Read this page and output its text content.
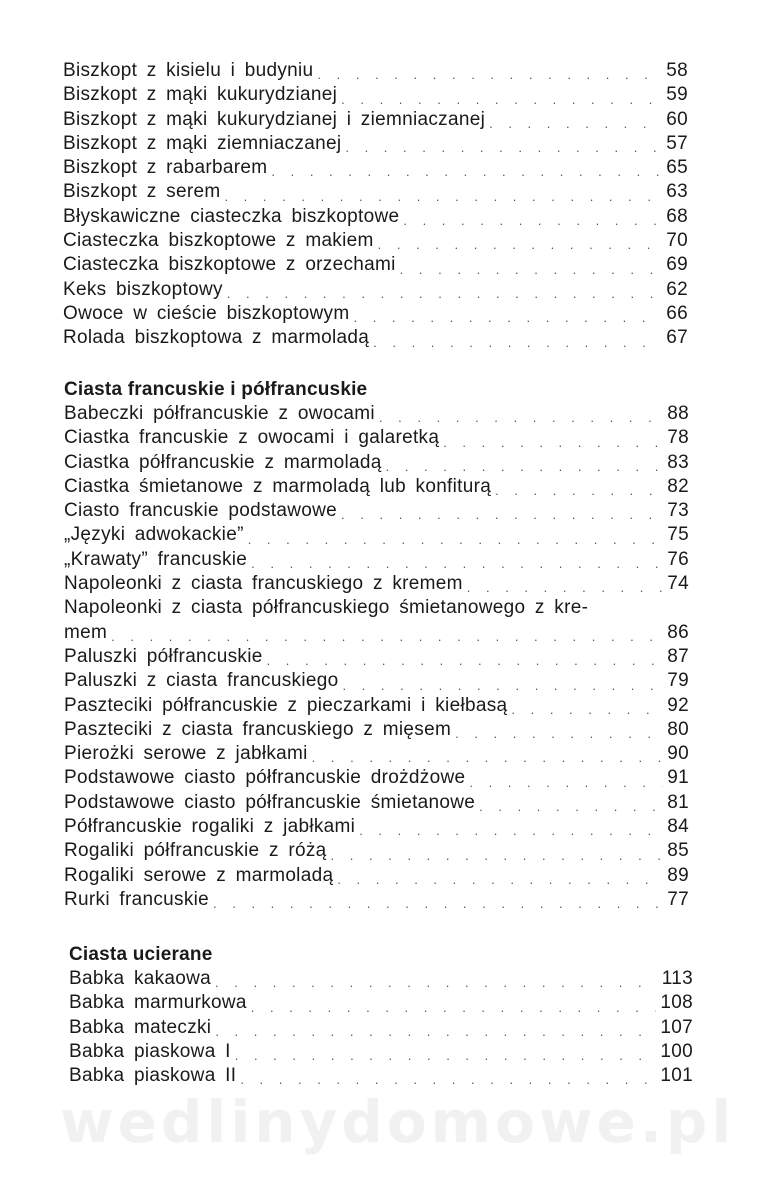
Biszkopt z kisielu i budyniu . . .	58
Biszkopt z mąki kukurydzianej . . .	59
Biszkopt z mąki kukurydzianej i ziemniaczanej . . .	60
Biszkopt z mąki ziemniaczanej . . .	57
Biszkopt z rabarbarem . . .	65
Biszkopt z serem . . .	63
Błyskawiczne ciasteczka biszkoptowe . . .	68
Ciasteczka biszkoptowe z makiem . . .	70
Ciasteczka biszkoptowe z orzechami . . .	69
Keks biszkoptowy . . .	62
Owoce w cieście biszkoptowym . . .	66
Rolada biszkoptowa z marmoladą . . .	67
Ciasta francuskie i półfrancuskie
Babeczki półfrancuskie z owocami . . .	88
Ciastka francuskie z owocami i galaretką . . .	78
Ciastka półfrancuskie z marmoladą . . .	83
Ciastka śmietanowe z marmoladą lub konfiturą . . .	82
Ciasto francuskie podstawowe . . .	73
„Języki adwokackie” . . .	75
„Krawaty” francuskie . . .	76
Napoleonki z ciasta francuskiego z kremem . . .	74
Napoleonki z ciasta półfrancuskiego śmietanowego z kre-
mem . . .	86
Paluszki półfrancuskie . . .	87
Paluszki z ciasta francuskiego . . .	79
Paszteciki półfrancuskie z pieczarkami i kiełbasą . . .	92
Paszteciki z ciasta francuskiego z mięsem . . .	80
Pierożki serowe z jabłkami . . .	90
Podstawowe ciasto półfrancuskie drożdżowe . . .	91
Podstawowe ciasto półfrancuskie śmietanowe . . .	81
Półfrancuskie rogaliki z jabłkami . . .	84
Rogaliki półfrancuskie z różą . . .	85
Rogaliki serowe z marmoladą . . .	89
Rurki francuskie . . .	77
Ciasta ucierane
Babka kakaowa . . .	113
Babka marmurkowa . . .	108
Babka mateczki . . .	107
Babka piaskowa I . . .	100
Babka piaskowa II . . .	101
wedlinydomowe.pl
